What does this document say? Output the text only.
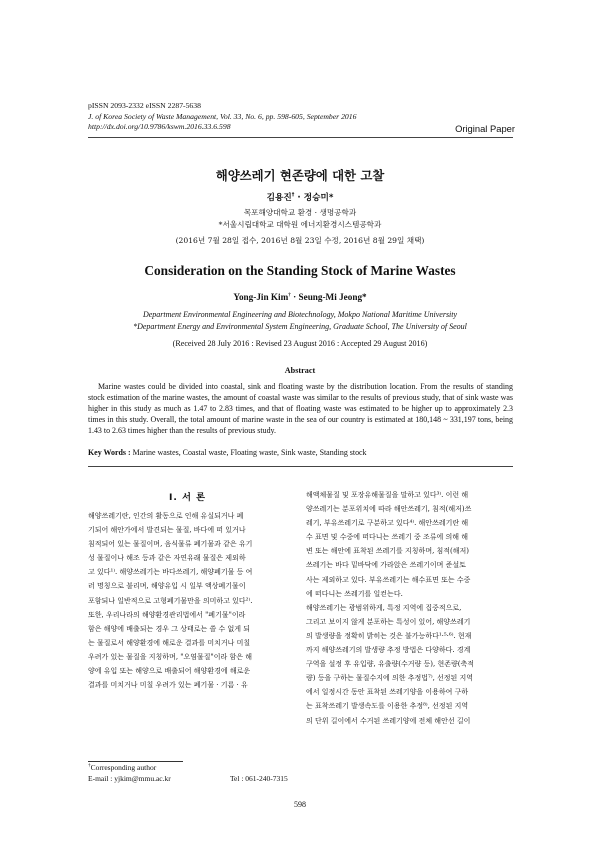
pISSN 2093-2332 eISSN 2287-5638
J. of Korea Society of Waste Management, Vol. 33, No. 6, pp. 598-605, September 2016
http://dx.doi.org/10.9786/kswm.2016.33.6.598	Original Paper
해양쓰레기 현존량에 대한 고찰
김용진† · 정승미*
목포해양대학교 환경 · 생명공학과
*서울시립대학교 대학원 에너지환경시스템공학과
(2016년 7월 28일 접수, 2016년 8월 23일 수정, 2016년 8월 29일 채택)
Consideration on the Standing Stock of Marine Wastes
Yong-Jin Kim† · Seung-Mi Jeong*
Department Environmental Engineering and Biotechnology, Mokpo National Maritime University
*Department Energy and Environmental System Engineering, Graduate School, The University of Seoul
(Received 28 July 2016 : Revised 23 August 2016 : Accepted 29 August 2016)
Abstract

Marine wastes could be divided into coastal, sink and floating waste by the distribution location. From the results of standing stock estimation of the marine wastes, the amount of coastal waste was similar to the results of previous study, that of sink waste was higher in this study as much as 1.47 to 2.83 times, and that of floating waste was estimated to be higher up to approximately 2.3 times in this study. Overall, the total amount of marine waste in the sea of our country is estimated at 180,148 ~ 331,197 tons, being 1.43 to 2.63 times higher than the results of previous study.

Key Words : Marine wastes, Coastal waste, Floating waste, Sink waste, Standing stock
I. 서 론
해양쓰레기란, 인간의 활동으로 인해 유실되거나 폐
기되어 해안가에서 발견되는 물질, 바다에 떠 있거나
침적되어 있는 물질이며, 음식물류 폐기물과 같은 유기
성 물질이나 해조 등과 같은 자연유래 물질은 제외하
고 있다¹⁾. 해양쓰레기는 바다쓰레기, 해양폐기물 등 여
러 명칭으로 불리며, 해양유입 시 일부 액상폐기물이
포함되나 일반적으로 고형폐기물만을 의미하고 있다²⁾.
또한, 우리나라의 해양환경관리법에서 "폐기물"이라
함은 해양에 배출되는 경우 그 상태로는 쓸 수 없게 되
는 물질로서 해양환경에 해로운 결과를 미치거나 미칠
우려가 있는 물질을 지칭하며, "오염물질"이라 함은 해
양에 유입 또는 해양으로 배출되어 해양환경에 해로운
결과를 미치거나 미칠 우려가 있는 폐기물 · 기름 · 유
해액체물질 및 포장유해물질을 말하고 있다³⁾. 이런 해
양쓰레기는 분포위치에 따라 해안쓰레기, 침적(해저)쓰
레기, 부유쓰레기로 구분하고 있다⁴⁾. 해안쓰레기란 해
수 표면 및 수중에 떠다니는 쓰레기 중 조류에 의해 해
변 또는 해안에 표착된 쓰레기를 지칭하며, 침적(해저)
쓰레기는 바다 밑바닥에 가라앉은 쓰레기이며 준설토
사는 제외하고 있다. 부유쓰레기는 해수표면 또는 수중
에 떠다니는 쓰레기를 일컫는다.
해양쓰레기는 광범위하게, 특정 지역에 집중적으로,
그리고 보이지 않게 분포하는 특성이 있어, 해양쓰레기
의 발생량을 정확히 밝히는 것은 불가능하다¹·⁵·⁶⁾. 현재
까지 해양쓰레기의 발생량 추정 방법은 다양하다. 경계
구역을 설정 후 유입량, 유출량(수거량 등), 현존량(축적
량) 등을 구하는 물질수지에 의한 추정법⁷⁾, 선정된 지역
에서 일정시간 동안 표착된 쓰레기양을 이용하여 구하
는 표착쓰레기 발생속도를 이용한 추정⁸⁾, 선정된 지역
의 단위 길이에서 수거된 쓰레기양에 전체 해안선 길이
†Corresponding author
E-mail : yjkim@mmu.ac.kr	Tel : 061-240-7315
598
